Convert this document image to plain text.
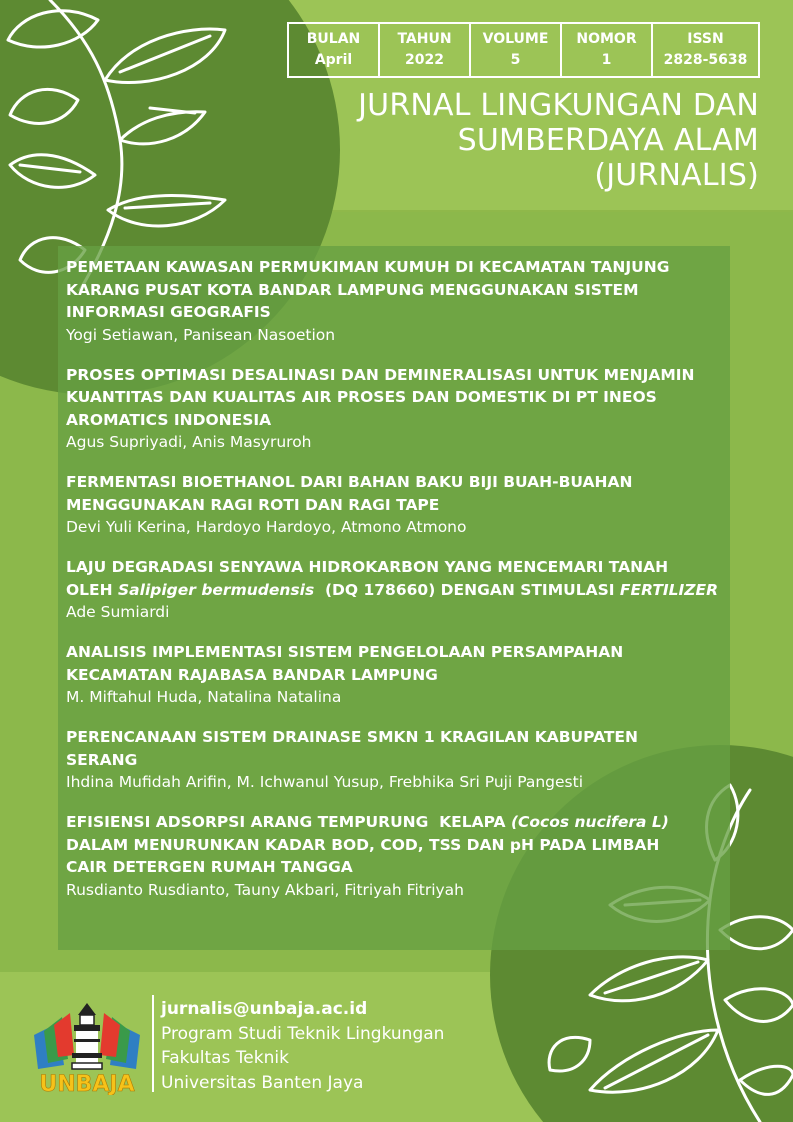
BULAN
April
TAHUN
2022
VOLUME
5
NOMOR
1
ISSN
2828-5638
JURNAL LINGKUNGAN DAN
SUMBERDAYA ALAM
(JURNALIS)
PEMETAAN KAWASAN PERMUKIMAN KUMUH DI KECAMATAN TANJUNG
KARANG PUSAT KOTA BANDAR LAMPUNG MENGGUNAKAN SISTEM
INFORMASI GEOGRAFIS
Yogi Setiawan, Panisean Nasoetion
PROSES OPTIMASI DESALINASI DAN DEMINERALISASI UNTUK MENJAMIN
KUANTITAS DAN KUALITAS AIR PROSES DAN DOMESTIK DI PT INEOS
AROMATICS INDONESIA
Agus Supriyadi, Anis Masyruroh
FERMENTASI BIOETHANOL DARI BAHAN BAKU BIJI BUAH-BUAHAN
MENGGUNAKAN RAGI ROTI DAN RAGI TAPE
Devi Yuli Kerina, Hardoyo Hardoyo, Atmono Atmono
LAJU DEGRADASI SENYAWA HIDROKARBON YANG MENCEMARI TANAH
OLEH Salipiger bermudensis  (DQ 178660) DENGAN STIMULASI FERTILIZER
Ade Sumiardi
ANALISIS IMPLEMENTASI SISTEM PENGELOLAAN PERSAMPAHAN
KECAMATAN RAJABASA BANDAR LAMPUNG
M. Miftahul Huda, Natalina Natalina
PERENCANAAN SISTEM DRAINASE SMKN 1 KRAGILAN KABUPATEN
SERANG
Ihdina Mufidah Arifin, M. Ichwanul Yusup, Frebhika Sri Puji Pangesti
EFISIENSI ADSORPSI ARANG TEMPURUNG  KELAPA (Cocos nucifera L)
DALAM MENURUNKAN KADAR BOD, COD, TSS DAN pH PADA LIMBAH
CAIR DETERGEN RUMAH TANGGA
Rusdianto Rusdianto, Tauny Akbari, Fitriyah Fitriyah
UNBAJA
jurnalis@unbaja.ac.id
Program Studi Teknik Lingkungan
Fakultas Teknik
Universitas Banten Jaya
